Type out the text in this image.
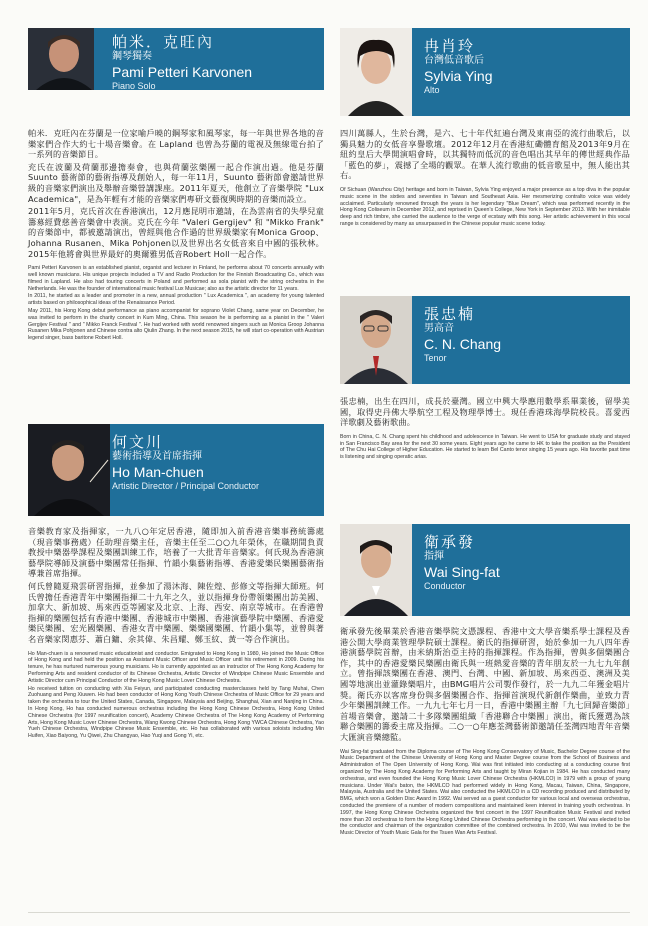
帕米．克旺內
鋼琴獨奏
Pami Petteri Karvonen
Piano Solo

帕米．克旺內在芬蘭是一位家喻戶曉的鋼琴家和風琴家，每一年與世界各地的音樂家們合作大約七十場音樂會。在 Lapland 也曾為芬蘭的電視及無線電台拍了一系列的音樂節目。

充氏在波蘭及荷蘭那邊擔奏會，也與荷蘭弦樂團一起合作演出過。他是芬蘭 Suunto 藝術節的藝術指導及創始人，每一年11月，Suunto 藝術節會邀請世界級的音樂家們演出及舉辦音樂營講課座。2011年夏天，他創立了音樂學院 "Lux Academica"，是為年輕有才能的音樂家們專研文藝復興時期的音樂而設立。

2011年5月，克氏首次在香港演出，12月應昆明市邀請，在為雲南省的失學兒童籌募經費慈善音樂會中表演。克氏在今年 "Valeri Gergijev" 和 "Mikko Frank" 的音樂節中，都被邀請演出，曾經與他合作過的世界級樂家有Monica Groop、Johanna Rusanen、Mika Pohjonen以及世界出名女低音來自中國的張秋林。2015年他將會與世界最好的奧爾雅男低音Robert Holl一起合作。

Pami Petteri Karvonen is an established pianist, organist and lecturer in Finland, he performs about 70 concerts annually with well known musicians. His unique projects included a TV and Radio Production for the Finnish Broadcasting Co., which was filmed in Lapland. He also had touring concerts in Poland and performed as sola pianist with the string orchestra in the Netherlands. He was the founder of international music festival Lux Musicae; also as the artistic director for 11 years.

In 2011, he started as a leader and promoter in a new, annual production " Lux Academica ", an academy for young talented artists based on philosophical ideas of the Renaissance Period.

May 2011, his Hong Kong debut performance as piano accompanist for soprano Violet Chang, same year on December, he was invited to perform in the charity concert in Kum Ming, China. This season he is performing as a pianist in the " Valeri Gergijev Festival " and " Mikko Franck Festival ". He had worked with world renowned singers such as Monica Groop Johanna Rusanen Mika Pohjonen and Chinese contra alto Qiulin Zhang. In the next season 2015, he will start co-operation with Austrian legend singer, bass baritone Robert Holl.

冉肖玲
台灣低音歌后
Sylvia Ying
Alto

四川萬縣人，生於台灣，是六、七十年代紅遍台灣及東南亞的流行曲歌后，以獨具魅力的女低音享譽歌壇。2012年12月在香港紅磡體育館及2013年9月在紐約皇后大學開演唱會時，以其獨特而低沉的音色唱出其早年的傳世經典作品「藍色的夢」，震撼了全場的觀眾。在華人流行歌曲的低音歌星中，無人能出其右。

Of Sichuan (Wanzhou City) heritage and born in Taiwan, Sylvia Ying enjoyed a major presence as a top diva in the popular music scene in the sixties and seventies in Taiwan and Southeast Asia. Her mesmerizing contralto voice was widely acclaimed. Particularly renowned through the years is her legendary "Blue Dream", which was performed recently in the Hong Kong Coliseum in December 2012, and reprised in Queen's College, New York in September 2013. With her inimitable deep and rich timbre, she carried the audience to the verge of ecstasy with this song. Her artistic achievement in this vocal range is considered by many as unsurpassed in the Chinese popular music scene today.

張忠楠
男高音
C. N. Chang
Tenor

張忠楠，出生在四川，成長於臺灣。國立中興大學應用數學系畢業後，留學美國，取得史丹佛大學航空工程及物理學博士。現任香港珠海學院校長。喜愛西洋歌劇及藝術歌曲。

Born in China, C. N. Chang spent his childhood and adolescence in Taiwan. He went to USA for graduate study and stayed in San Francisco Bay area for the next 30 some years. Eight years ago he came to HK to take the position as the President of The Chu Hai College of Higher Education. He started to learn Bel Canto tenor singing 15 years ago. His favorite past time is listening and singing operatic arias.

何文川
藝術指導及首席指揮
Ho Man-chuen
Artistic Director / Principal Conductor

音樂教育家及指揮家，一九八○年定居香港，隨即加入前香港音樂事務統籌處（現音樂事務處）任助理音樂主任，音樂主任至二○○九年榮休，在職期間負責教授中樂器學課程及樂團訓練工作，培養了一大批青年音樂家。何氏現為香港演藝學院導師及演藝中樂團常任指揮、竹韻小集藝術指導、香港愛樂民樂團藝術指導兼首席指揮。

何氏曾隨夏飛雲研習指揮，並參加了湯沐海、陳佐煌、彭修文等指揮大師班。何氏曾擔任香港青年中樂團指揮二十九年之久，並以指揮身份帶領樂團出訪美國、加拿大、新加坡、馬來西亞等國家及北京、上海、西安、南京等城市。在香港曾指揮的樂團包括有香港中樂團、香港城市中樂團、香港演藝學院中樂團、香港愛樂民樂團、宏光國樂團、香港女青中樂團、樂樂國樂團、竹韻小集等，並曾與著名音樂家閔惠芬、蕭白鏞、余其偉、朱昌耀、鄭玉紋、黃一等合作演出。

Ho Man-chuen is a renowned music educationist and conductor. Emigrated to Hong Kong in 1980, Ho joined the Music Office of Hong Kong and had held the position as Assistant Music Officer and Music Officer until his retirement in 2009. During his tenure, he has nurtured numerous young musicians. Ho is currently appointed as an instructor of The Hong Kong Academy for Performing Arts and resident conductor of its Chinese Orchestra, Artistic Director of Windpipe Chinese Music Ensemble and Artistic Director cum Principal Conductor of the Hong Kong Music Lover Chinese Orchestra.

Ho received tuition on conducting with Xia Feiyun, and participated conducting masterclasses held by Tang Muhai, Chen Zuohuang and Peng Xiuwen. Ho had been conductor of Hong Kong Youth Chinese Orchestra of Music Office for 29 years and taken the orchestra to tour the United States, Canada, Singapore, Malaysia and Beijing, Shanghai, Xian and Nanjing in China. In Hong Kong, Ho has conducted numerous orchestras including the Hong Kong Chinese Orchestra, Hong Kong United Chinese Orchestra (for 1997 reunification concert), Academy Chinese Orchestra of The Hong Kong Academy of Performing Arts, Hong Kong Music Lover Chinese Orchestra, Wang Kwong Chinese Orchestra, Hong Kong YWCA Chinese Orchestra, Yao Yueh Chinese Orchestra, Windpipe Chinese Music Ensemble, etc. Ho has collaborated with various soloists including Min Huifen, Xiao Baiyong, Yu Qiwei, Zhu Changyao, Hao Yuqi and Gong Yi, etc.

衛承發
指揮
Wai Sing-fat
Conductor

衛承發先後畢業於香港音樂學院文憑課程、香港中文大學音樂系學士課程及香港公開大學商業管理學院碩士課程。衛氏的指揮研習，始於參加一九八四年香港演藝學院首辦，由米納斯治亞主持的指揮課程。作為指揮，曾與多個樂團合作，其中的香港愛樂民樂團由衛氏與一班熱愛音樂的青年朋友於一九七九年創立。曾指揮該樂團在香港、澳門、台灣、中國、新加坡、馬來西亞、澳洲及美國等地演出並灌錄樂唱片，由BMG唱片公司製作發行，於一九九二年獲金唱片獎。衛氏亦以客席身份與多個樂團合作、指揮首演現代新創作樂曲，並致力青少年樂團訓練工作。一九九七年七月一日，香港中樂團主辦「九七回歸音樂節」首場音樂會，邀請二十多隊樂團組織「香港聯合中樂團」演出，衛氏獲選為該聯合樂團的籌委主席及指揮。二○一○年應荃灣藝術節邀請任荃灣四地青年音樂大匯演音樂總監。

Wai Sing-fat graduated from the Diploma course of The Hong Kong Conservatory of Music, Bachelor Degree course of the Music Department of the Chinese University of Hong Kong and Master Degree course from the School of Business and Administration of The Open University of Hong Kong. Wai was first initiated into conducting at a conducting course first organized by The Hong Kong Academy for Performing Arts and taught by Miran Kojian in 1984. He has conducted many orchestras, and even founded the Hong Kong Music Lover Chinese Orchestra (HKMLCO) in 1979 with a group of young musicians. Under Wai's baton, the HKMLCO had performed widely in Hong Kong, Macau, Taiwan, China, Singapore, Malaysia, Australia and the United States. Wai also conducted the HKMLCO in a CD recording produced and distributed by BMG, which won a Golden Disc Award in 1992. Wai served as a guest conductor for various local and overseas orchestras, conducted the premiere of a number of modern compositions and maintained keen interest in training youth orchestras. In 1997, the Hong Kong Chinese Orchestra organized the first concert in the 1997 Reunification Music Festival and invited more than 20 orchestras to form the Hong Kong United Chinese Orchestra performing in the concert. Wai was elected to be the conductor and chairman of the organization committee of the combined orchestra. In 2010, Wai was invited to be the Music Director of Youth Music Gala for the Tsuen Wan Arts Festival.
